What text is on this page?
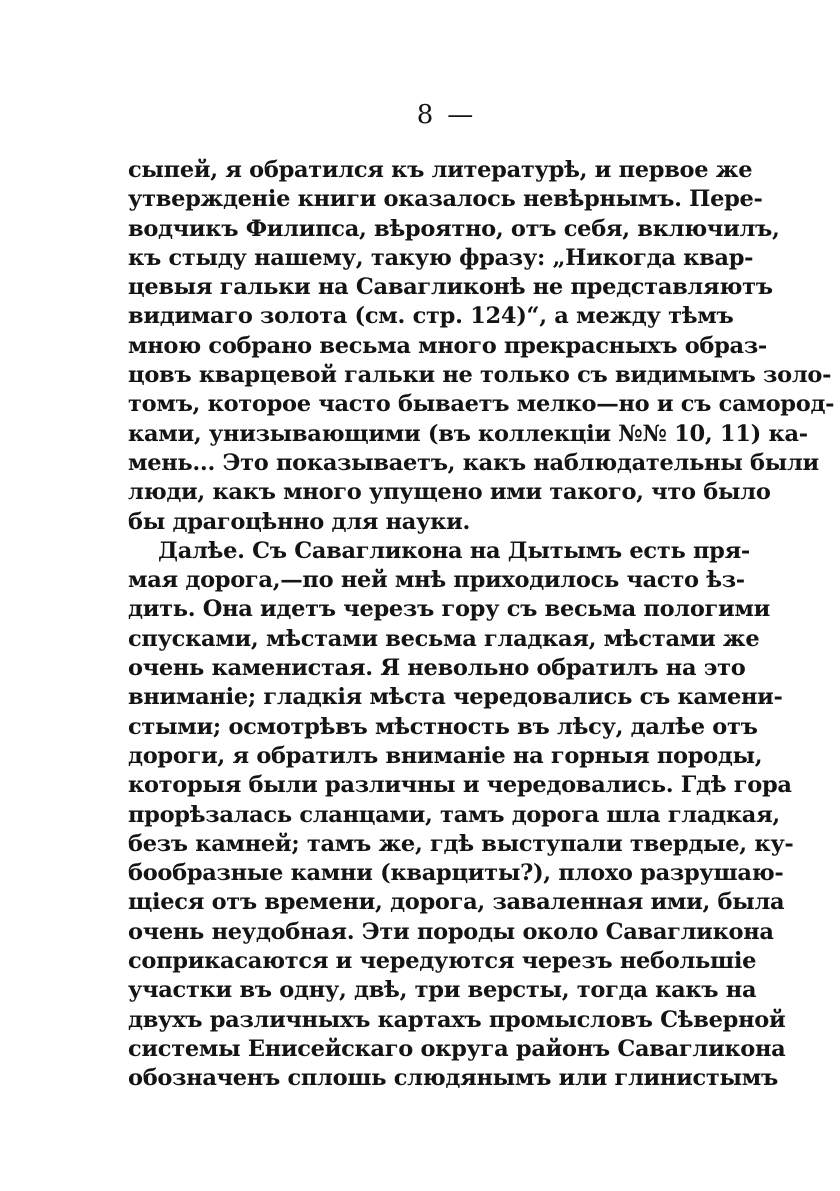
8 —
сыпей, я обратился къ литературѣ, и первое же
утвержденіе книги оказалось невѣрнымъ. Пере-
водчикъ Филипса, вѣроятно, отъ себя, включилъ,
къ стыду нашему, такую фразу: „Никогда квар-
цевыя гальки на Савагликонѣ не представляютъ
видимаго золота (см. стр. 124)“, а между тѣмъ
мною собрано весьма много прекрасныхъ образ-
цовъ кварцевой гальки не только съ видимымъ золо-
томъ, которое часто бываетъ мелко—но и съ самород-
ками, унизывающими (въ коллекціи №№ 10, 11) ка-
мень... Это показываетъ, какъ наблюдательны были
люди, какъ много упущено ими такого, что было
бы драгоцѣнно для науки.
Далѣе. Съ Савагликона на Дытымъ есть пря-
мая дорога,—по ней мнѣ приходилось часто ѣз-
дить. Она идетъ черезъ гору съ весьма пологими
спусками, мѣстами весьма гладкая, мѣстами же
очень каменистая. Я невольно обратилъ на это
вниманіе; гладкія мѣста чередовались съ камени-
стыми; осмотрѣвъ мѣстность въ лѣсу, далѣе отъ
дороги, я обратилъ вниманіе на горныя породы,
которыя были различны и чередовались. Гдѣ гора
прорѣзалась сланцами, тамъ дорога шла гладкая,
безъ камней; тамъ же, гдѣ выступали твердые, ку-
бообразные камни (кварциты?), плохо разрушаю-
щіеся отъ времени, дорога, заваленная ими, была
очень неудобная. Эти породы около Савагликона
соприкасаются и чередуются черезъ небольшіе
участки въ одну, двѣ, три версты, тогда какъ на
двухъ различныхъ картахъ промысловъ Сѣверной
системы Енисейскаго округа районъ Савагликона
обозначенъ сплошь слюдянымъ или глинистымъ
